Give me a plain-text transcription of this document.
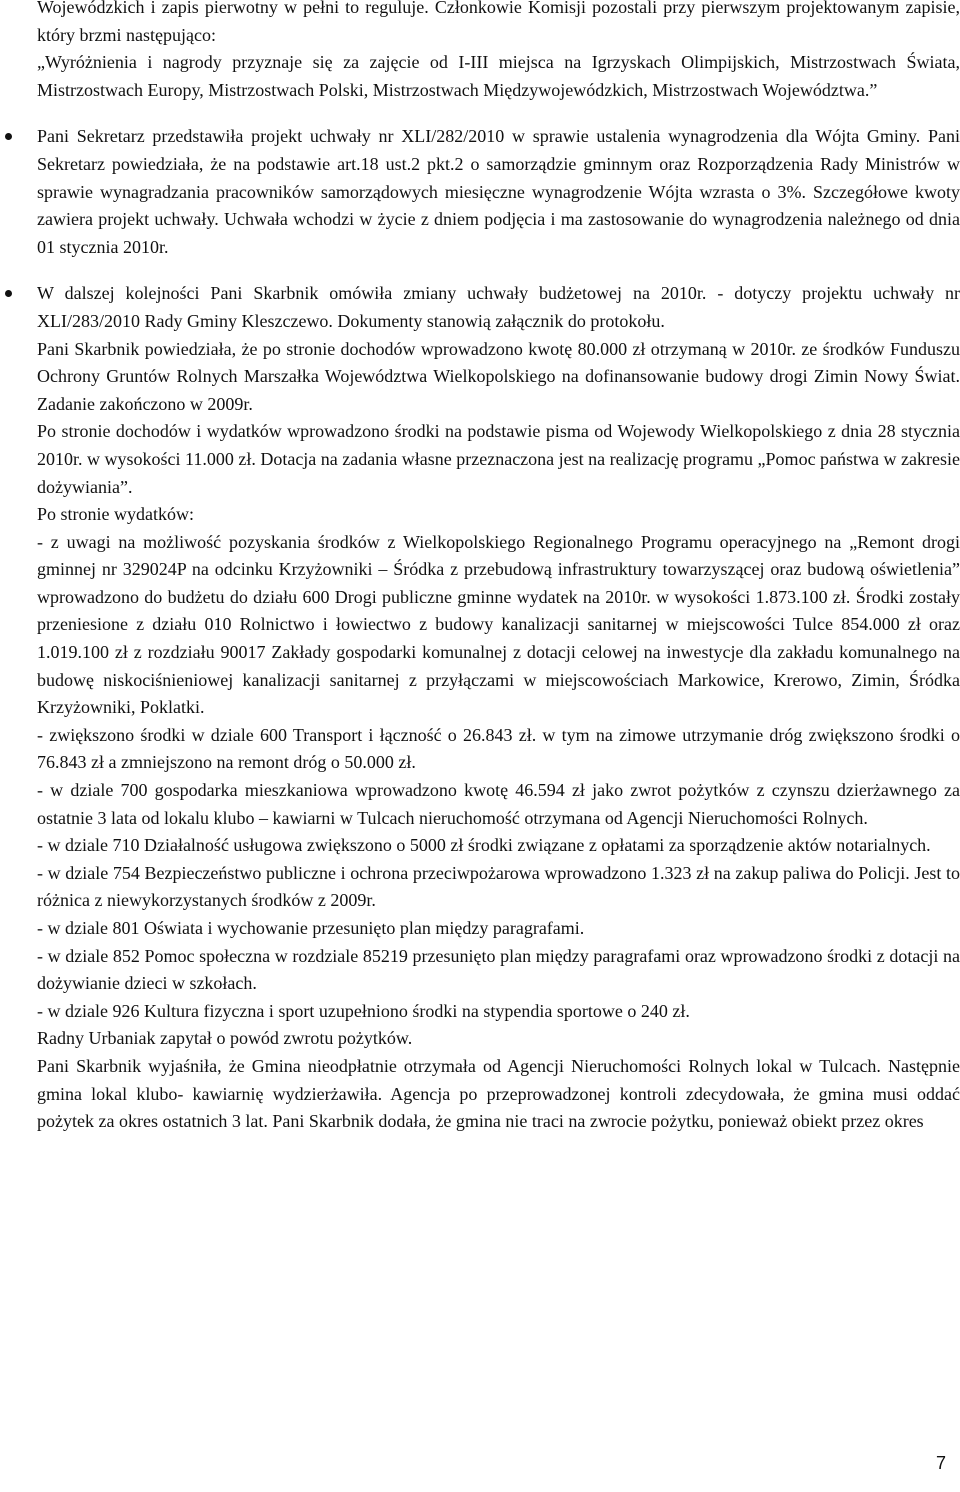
Wojewódzkich i zapis pierwotny w pełni to reguluje. Członkowie Komisji pozostali przy pierwszym projektowanym zapisie, który brzmi następująco:

„Wyróżnienia i nagrody przyznaje się za zajęcie od I-III miejsca na Igrzyskach Olimpijskich, Mistrzostwach Świata, Mistrzostwach Europy, Mistrzostwach Polski, Mistrzostwach Międzywojewódzkich, Mistrzostwach Województwa.”

Pani Sekretarz przedstawiła projekt uchwały nr XLI/282/2010 w sprawie ustalenia wynagrodzenia dla Wójta Gminy. Pani Sekretarz powiedziała, że na podstawie art.18 ust.2 pkt.2 o samorządzie gminnym oraz Rozporządzenia Rady Ministrów w sprawie wynagradzania pracowników samorządowych miesięczne wynagrodzenie Wójta wzrasta o 3%. Szczegółowe kwoty zawiera projekt uchwały. Uchwała wchodzi w życie z dniem podjęcia i ma zastosowanie do wynagrodzenia należnego od dnia 01 stycznia 2010r.

W dalszej kolejności Pani Skarbnik omówiła zmiany uchwały budżetowej na 2010r. - dotyczy projektu uchwały nr XLI/283/2010 Rady Gminy Kleszczewo. Dokumenty stanowią załącznik do protokołu.

Pani Skarbnik powiedziała, że po stronie dochodów wprowadzono kwotę 80.000 zł otrzymaną w 2010r. ze środków Funduszu Ochrony Gruntów Rolnych Marszałka Województwa Wielkopolskiego na dofinansowanie budowy drogi Zimin Nowy Świat. Zadanie zakończono w 2009r.

Po stronie dochodów i wydatków wprowadzono środki na podstawie pisma od Wojewody Wielkopolskiego z dnia 28 stycznia 2010r. w wysokości 11.000 zł. Dotacja na zadania własne przeznaczona jest na realizację programu „Pomoc państwa w zakresie dożywiania”.

Po stronie wydatków:

- z uwagi na możliwość pozyskania środków z Wielkopolskiego Regionalnego Programu operacyjnego na „Remont drogi gminnej nr 329024P na odcinku Krzyżowniki – Śródka z przebudową infrastruktury towarzyszącej oraz budową oświetlenia” wprowadzono do budżetu do działu 600 Drogi publiczne gminne wydatek na 2010r. w wysokości 1.873.100 zł. Środki zostały przeniesione z działu 010 Rolnictwo i łowiectwo z budowy kanalizacji sanitarnej w miejscowości Tulce 854.000 zł oraz 1.019.100 zł z rozdziału 90017 Zakłady gospodarki komunalnej z dotacji celowej na inwestycje dla zakładu komunalnego na budowę niskociśnieniowej kanalizacji sanitarnej z przyłączami w miejscowościach Markowice, Krerowo, Zimin, Śródka Krzyżowniki, Poklatki.

- zwiększono środki w dziale 600 Transport i łączność o 26.843 zł. w tym na zimowe utrzymanie dróg zwiększono środki o 76.843 zł a zmniejszono na remont dróg o 50.000 zł.

- w dziale 700 gospodarka mieszkaniowa wprowadzono kwotę 46.594 zł jako zwrot pożytków z czynszu dzierżawnego za ostatnie 3 lata od lokalu klubo – kawiarni w Tulcach nieruchomość otrzymana od Agencji Nieruchomości Rolnych.

- w dziale 710 Działalność usługowa zwiększono o 5000 zł środki związane z opłatami za sporządzenie aktów notarialnych.

- w dziale 754 Bezpieczeństwo publiczne i ochrona przeciwpożarowa wprowadzono 1.323 zł na zakup paliwa do Policji. Jest to różnica z niewykorzystanych środków z 2009r.

- w dziale 801 Oświata i wychowanie przesunięto plan między paragrafami.

- w dziale 852 Pomoc społeczna w rozdziale 85219 przesunięto plan między paragrafami oraz wprowadzono środki z dotacji na dożywianie dzieci w szkołach.

- w dziale 926 Kultura fizyczna i sport uzupełniono środki na stypendia sportowe o 240 zł.

Radny Urbaniak zapytał o powód zwrotu pożytków.

Pani Skarbnik wyjaśniła, że Gmina nieodpłatnie otrzymała od Agencji Nieruchomości Rolnych lokal w Tulcach. Następnie gmina lokal klubo- kawiarnię wydzierżawiła. Agencja po przeprowadzonej kontroli zdecydowała, że gmina musi oddać pożytek za okres ostatnich 3 lat. Pani Skarbnik dodała, że gmina nie traci na zwrocie pożytku, ponieważ obiekt przez okres

7
